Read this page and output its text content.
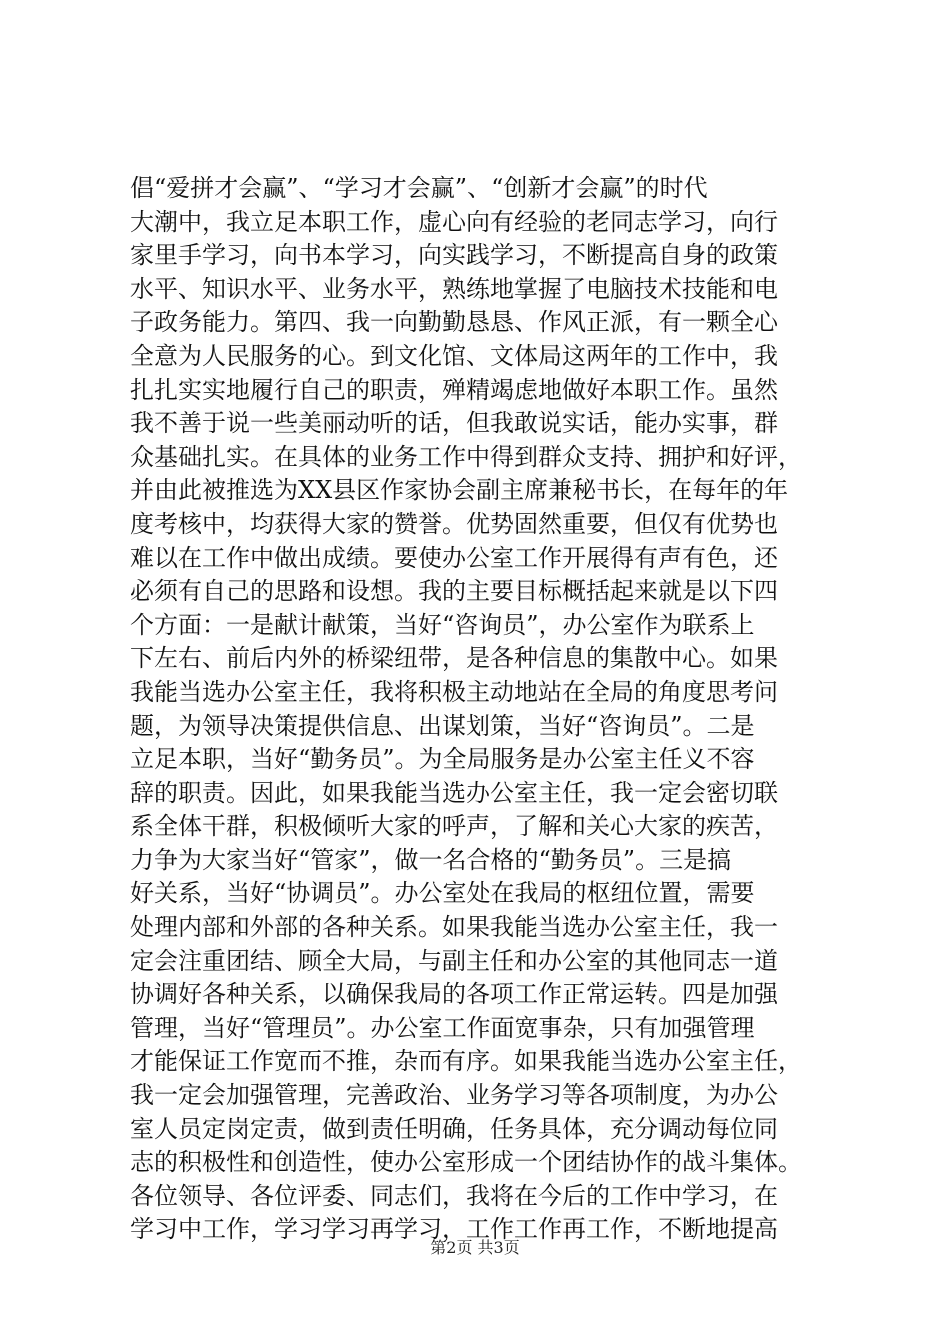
倡“爱拼才会赢”、“学习才会赢”、“创新才会赢”的时代
大潮中，我立足本职工作，虚心向有经验的老同志学习，向行
家里手学习，向书本学习，向实践学习，不断提高自身的政策
水平、知识水平、业务水平，熟练地掌握了电脑技术技能和电
子政务能力。第四、我一向勤勤恳恳、作风正派，有一颗全心
全意为人民服务的心。到文化馆、文体局这两年的工作中，我
扎扎实实地履行自己的职责，殚精竭虑地做好本职工作。虽然
我不善于说一些美丽动听的话，但我敢说实话，能办实事，群
众基础扎实。在具体的业务工作中得到群众支持、拥护和好评，
并由此被推选为XX县区作家协会副主席兼秘书长，在每年的年
度考核中，均获得大家的赞誉。优势固然重要，但仅有优势也
难以在工作中做出成绩。要使办公室工作开展得有声有色，还
必须有自己的思路和设想。我的主要目标概括起来就是以下四
个方面：一是献计献策，当好“咨询员”，办公室作为联系上
下左右、前后内外的桥梁纽带，是各种信息的集散中心。如果
我能当选办公室主任，我将积极主动地站在全局的角度思考问
题，为领导决策提供信息、出谋划策，当好“咨询员”。二是
立足本职，当好“勤务员”。为全局服务是办公室主任义不容
辞的职责。因此，如果我能当选办公室主任，我一定会密切联
系全体干群，积极倾听大家的呼声，了解和关心大家的疾苦，
力争为大家当好“管家”，做一名合格的“勤务员”。三是搞
好关系，当好“协调员”。办公室处在我局的枢纽位置，需要
处理内部和外部的各种关系。如果我能当选办公室主任，我一
定会注重团结、顾全大局，与副主任和办公室的其他同志一道
协调好各种关系，以确保我局的各项工作正常运转。四是加强
管理，当好“管理员”。办公室工作面宽事杂，只有加强管理
才能保证工作宽而不推，杂而有序。如果我能当选办公室主任，
我一定会加强管理，完善政治、业务学习等各项制度，为办公
室人员定岗定责，做到责任明确，任务具体，充分调动每位同
志的积极性和创造性，使办公室形成一个团结协作的战斗集体。
各位领导、各位评委、同志们，我将在今后的工作中学习，在
学习中工作，学习学习再学习，工作工作再工作，不断地提高
第2页 共3页
